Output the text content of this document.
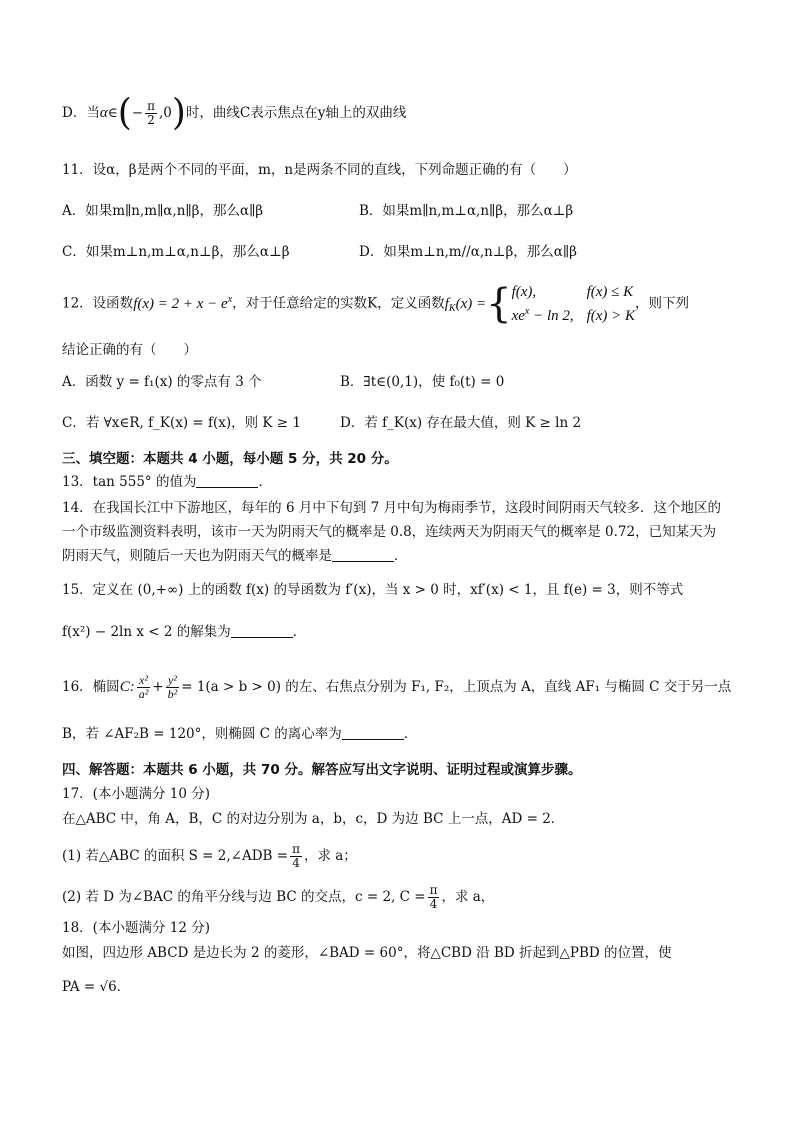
D．当α∈(− $\frac{\pi}{2} ,0$)时，曲线C表示焦点在y轴上的双曲线
11．设α，β是两个不同的平面，m，n是两条不同的直线，下列命题正确的有（　　）
A．如果m∥n,m∥α,n∥β，那么α∥β	B．如果m∥n,m⊥α,n∥β，那么α⊥β
C．如果m⊥n,m⊥α,n⊥β，那么α⊥β	D．如果m⊥n,m//α,n⊥β，那么α∥β
12．设函数$f(x) = 2 + x - e^x$，对于任意给定的实数K，定义函数$f_K(x)$ ={ f(x),	f(x) ≤ K
$xe^x - \ln 2$, f(x) > K
，则下列
结论正确的有（　　）
A．函数 y = f₁(x) 的零点有 3 个	B．∃t∈(0,1)，使 f₀(t) = 0
C．若 ∀x∈R, f_K(x) = f(x)，则 K ≥ 1	D．若 f_K(x) 存在最大值，则 K ≥ ln 2
三、填空题：本题共 4 小题，每小题 5 分，共 20 分。
13．tan 555° 的值为	．
14．在我国长江中下游地区，每年的 6 月中下旬到 7 月中旬为梅雨季节，这段时间阴雨天气较多．这个地区的
一个市级监测资料表明，该市一天为阴雨天气的概率是 0.8，连续两天为阴雨天气的概率是 0.72，已知某天为
阴雨天气，则随后一天也为阴雨天气的概率是	．
15．定义在 (0,+∞) 上的函数 f(x) 的导函数为 f′(x)，当 x > 0 时，xf′(x) < 1，且 f(e) = 3，则不等式
f(x²) − 2ln x < 2 的解集为	．
16．椭圆C: $\frac{\text{x²}}{\text{a²}} + \frac{\text{y²}}{\text{b²}} = 1(a > b > 0)$ 的左、右焦点分别为 F₁, F₂，上顶点为 A，直线 AF₁ 与椭圆 C 交于另一点
B，若 ∠AF₂B = 120°，则椭圆 C 的离心率为	．
四、解答题：本题共 6 小题，共 70 分。解答应写出文字说明、证明过程或演算步骤。
17．(本小题满分 10 分)
在△ABC 中，角 A，B，C 的对边分别为 a，b，c，D 为边 BC 上一点，AD = 2．
(1) 若△ABC 的面积 S = 2,∠ADB = $\frac{\pi}{4}$ ，求 a；
(2) 若 D 为∠BAC 的角平分线与边 BC 的交点，c = 2, $C = \frac{\pi}{4}$ ，求 a，
18．(本小题满分 12 分)
如图，四边形 ABCD 是边长为 2 的菱形，∠BAD = 60°，将△CBD 沿 BD 折起到△PBD 的位置，使
PA = √6．
